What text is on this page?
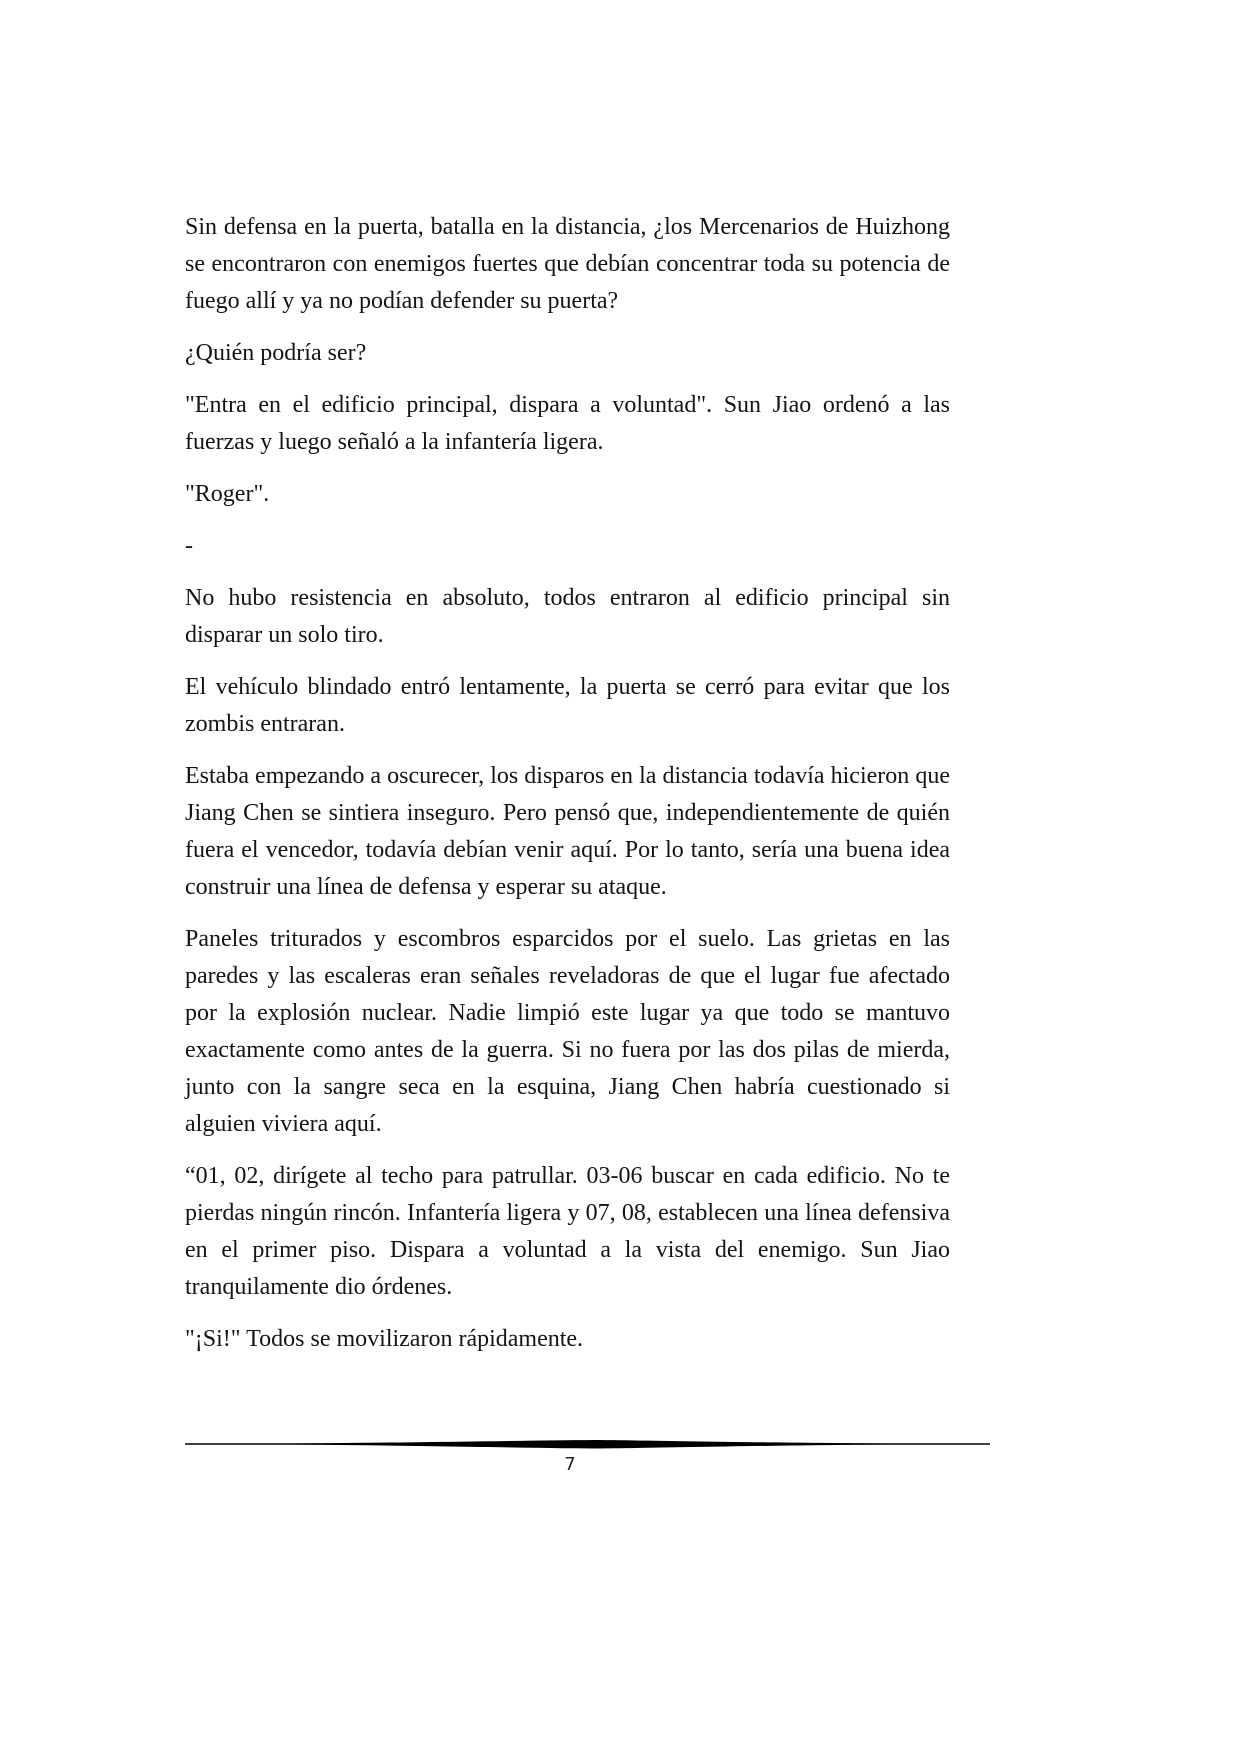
Sin defensa en la puerta, batalla en la distancia, ¿los Mercenarios de Huizhong se encontraron con enemigos fuertes que debían concentrar toda su potencia de fuego allí y ya no podían defender su puerta?

¿Quién podría ser?

"Entra en el edificio principal, dispara a voluntad". Sun Jiao ordenó a las fuerzas y luego señaló a la infantería ligera.

"Roger".

-

No hubo resistencia en absoluto, todos entraron al edificio principal sin disparar un solo tiro.

El vehículo blindado entró lentamente, la puerta se cerró para evitar que los zombis entraran.

Estaba empezando a oscurecer, los disparos en la distancia todavía hicieron que Jiang Chen se sintiera inseguro. Pero pensó que, independientemente de quién fuera el vencedor, todavía debían venir aquí. Por lo tanto, sería una buena idea construir una línea de defensa y esperar su ataque.

Paneles triturados y escombros esparcidos por el suelo. Las grietas en las paredes y las escaleras eran señales reveladoras de que el lugar fue afectado por la explosión nuclear. Nadie limpió este lugar ya que todo se mantuvo exactamente como antes de la guerra. Si no fuera por las dos pilas de mierda, junto con la sangre seca en la esquina, Jiang Chen habría cuestionado si alguien viviera aquí.

“01, 02, dirígete al techo para patrullar. 03-06 buscar en cada edificio. No te pierdas ningún rincón. Infantería ligera y 07, 08, establecen una línea defensiva en el primer piso. Dispara a voluntad a la vista del enemigo. Sun Jiao tranquilamente dio órdenes.

"¡Si!" Todos se movilizaron rápidamente.

7
